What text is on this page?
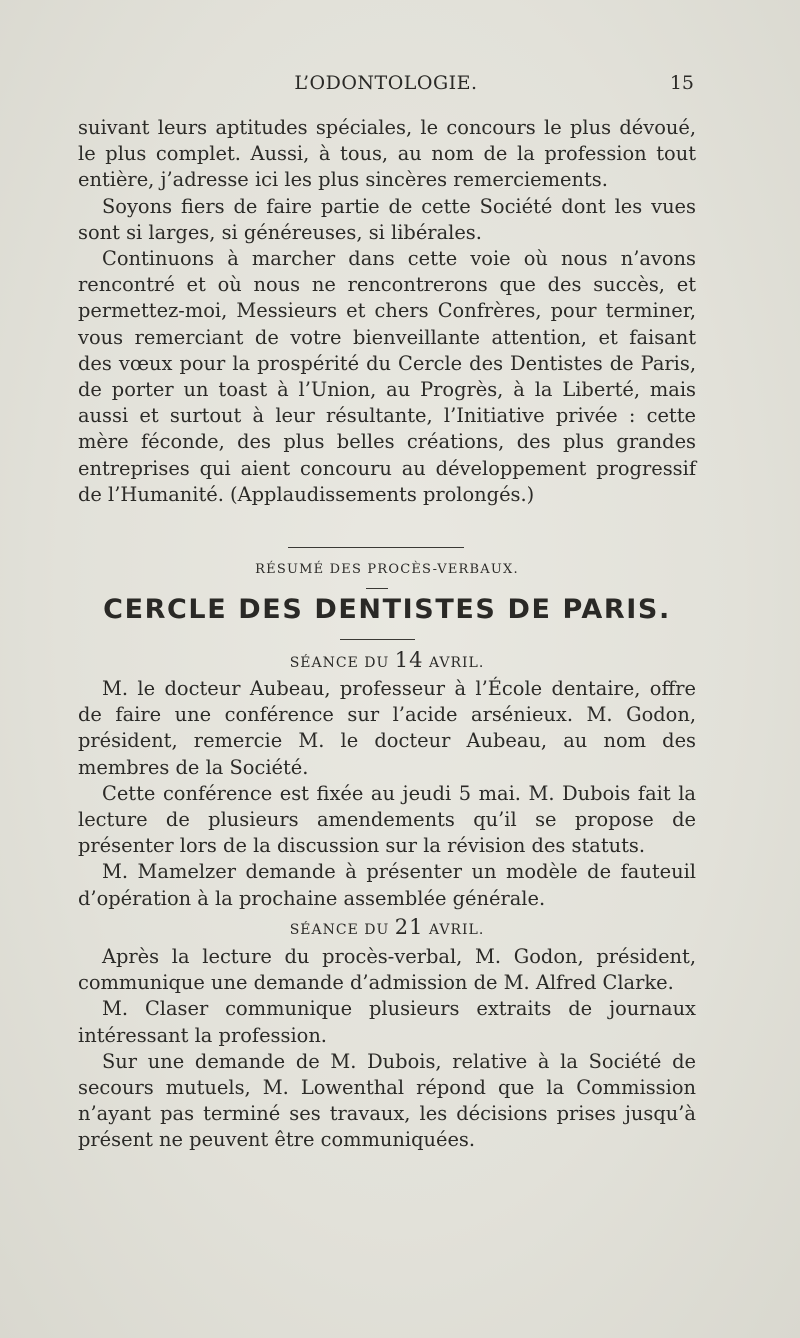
L’ODONTOLOGIE.	15

suivant leurs aptitudes spéciales, le concours le plus dévoué, le plus complet. Aussi, à tous, au nom de la profession tout entière, j’adresse ici les plus sincères remerciements.

Soyons fiers de faire partie de cette Société dont les vues sont si larges, si généreuses, si libérales.

Continuons à marcher dans cette voie où nous n’avons rencontré et où nous ne rencontrerons que des succès, et permettez-moi, Messieurs et chers Confrères, pour terminer, vous remerciant de votre bienveillante attention, et faisant des vœux pour la prospérité du Cercle des Dentistes de Paris, de porter un toast à l’Union, au Progrès, à la Liberté, mais aussi et surtout à leur résultante, l’Initiative privée : cette mère féconde, des plus belles créations, des plus grandes entreprises qui aient concouru au développement progressif de l’Humanité. (Applaudissements prolongés.)

RÉSUMÉ DES PROCÈS-VERBAUX.
CERCLE DES DENTISTES DE PARIS.
SÉANCE DU 14 AVRIL.

M. le docteur Aubeau, professeur à l’École dentaire, offre de faire une conférence sur l’acide arsénieux. M. Godon, président, remercie M. le docteur Aubeau, au nom des membres de la Société.

Cette conférence est fixée au jeudi 5 mai. M. Dubois fait la lecture de plusieurs amendements qu’il se propose de présenter lors de la discussion sur la révision des statuts.

M. Mamelzer demande à présenter un modèle de fauteuil d’opération à la prochaine assemblée générale.

SÉANCE DU 21 AVRIL.

Après la lecture du procès-verbal, M. Godon, président, communique une demande d’admission de M. Alfred Clarke.

M. Claser communique plusieurs extraits de journaux intéressant la profession.

Sur une demande de M. Dubois, relative à la Société de secours mutuels, M. Lowenthal répond que la Commission n’ayant pas terminé ses travaux, les décisions prises jusqu’à présent ne peuvent être communiquées.
